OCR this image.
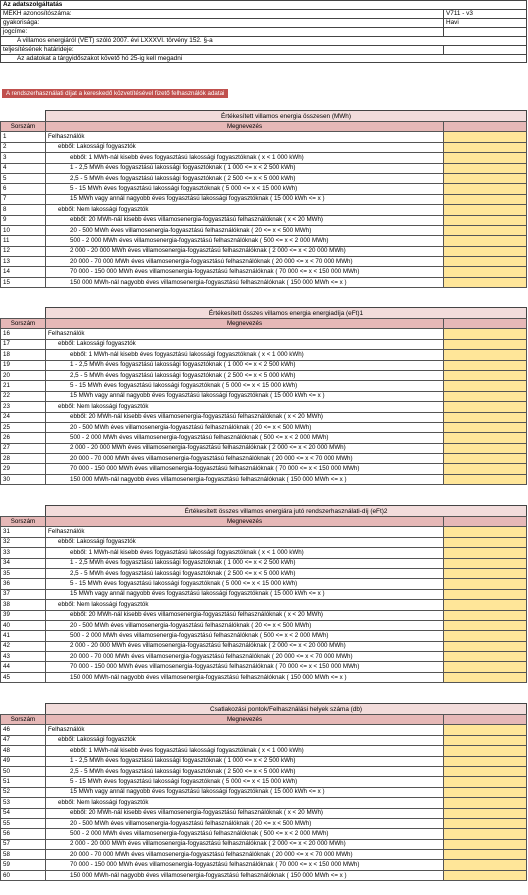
Az adatszolgáltatás
MEKH azonosítószáma:	V711 - v3
gyakorisága:	Havi
jogcíme:
A villamos energiáról (VET) szóló 2007. évi LXXXVI. törvény 152. §-a
teljesítésének határideje:
Az adatokat a tárgyidőszakot követő hó 25-ig kell megadni
A rendszerhasználati díjat a kereskedő közvetítésével fizető felhasználók adatai
Értékesített villamos energia összesen (MWh)
Sorszám	Megnevezés	
1	Felhasználók	
2	ebből: Lakossági fogyasztók	
3	ebből: 1 MWh-nál kisebb éves fogyasztású lakossági fogyasztóknak ( x < 1 000 kWh)	
4	1 - 2,5 MWh éves fogyasztású lakossági fogyasztóknak ( 1 000 <= x < 2 500 kWh)	
5	2,5 - 5 MWh éves fogyasztású lakossági fogyasztóknak ( 2 500 <= x < 5 000 kWh)	
6	5 - 15 MWh éves fogyasztású lakossági fogyasztóknak ( 5 000 <= x < 15 000 kWh)	
7	15 MWh vagy annál nagyobb éves fogyasztású lakossági fogyasztóknak ( 15 000 kWh <= x )	
8	ebből: Nem lakossági fogyasztók	
9	ebből: 20 MWh-nál kisebb éves villamosenergia-fogyasztású felhasználóknak ( x < 20 MWh)	
10	20 - 500 MWh éves villamosenergia-fogyasztású felhasználóknak ( 20 <= x < 500 MWh)	
11	500 - 2 000 MWh éves villamosenergia-fogyasztású felhasználóknak ( 500 <= x < 2 000 MWh)	
12	2 000 - 20 000 MWh éves villamosenergia-fogyasztású felhasználóknak ( 2 000 <= x < 20 000 MWh)	
13	20 000 - 70 000 MWh éves villamosenergia-fogyasztású felhasználóknak ( 20 000 <= x < 70 000 MWh)	
14	70 000 - 150 000 MWh éves villamosenergia-fogyasztású felhasználóknak ( 70 000 <= x < 150 000 MWh)	
15	150 000 MWh-nál nagyobb éves villamosenergia-fogyasztású felhasználóknak ( 150 000 MWh <= x )	
Értékesített összes villamos energia energiadíja (eFt)1
Sorszám	Megnevezés	
16	Felhasználók	
17	ebből: Lakossági fogyasztók	
18	ebből: 1 MWh-nál kisebb éves fogyasztású lakossági fogyasztóknak ( x < 1 000 kWh)	
19	1 - 2,5 MWh éves fogyasztású lakossági fogyasztóknak ( 1 000 <= x < 2 500 kWh)	
20	2,5 - 5 MWh éves fogyasztású lakossági fogyasztóknak ( 2 500 <= x < 5 000 kWh)	
21	5 - 15 MWh éves fogyasztású lakossági fogyasztóknak ( 5 000 <= x < 15 000 kWh)	
22	15 MWh vagy annál nagyobb éves fogyasztású lakossági fogyasztóknak ( 15 000 kWh <= x )	
23	ebből: Nem lakossági fogyasztók	
24	ebből: 20 MWh-nál kisebb éves villamosenergia-fogyasztású felhasználóknak ( x < 20 MWh)	
25	20 - 500 MWh éves villamosenergia-fogyasztású felhasználóknak ( 20 <= x < 500 MWh)	
26	500 - 2 000 MWh éves villamosenergia-fogyasztású felhasználóknak ( 500 <= x < 2 000 MWh)	
27	2 000 - 20 000 MWh éves villamosenergia-fogyasztású felhasználóknak ( 2 000 <= x < 20 000 MWh)	
28	20 000 - 70 000 MWh éves villamosenergia-fogyasztású felhasználóknak ( 20 000 <= x < 70 000 MWh)	
29	70 000 - 150 000 MWh éves villamosenergia-fogyasztású felhasználóknak ( 70 000 <= x < 150 000 MWh)	
30	150 000 MWh-nál nagyobb éves villamosenergia-fogyasztású felhasználóknak ( 150 000 MWh <= x )	
Értékesített összes villamos energiára jutó rendszerhasználati-díj (eFt)2
Sorszám	Megnevezés	
31	Felhasználók	
32	ebből: Lakossági fogyasztók	
33	ebből: 1 MWh-nál kisebb éves fogyasztású lakossági fogyasztóknak ( x < 1 000 kWh)	
34	1 - 2,5 MWh éves fogyasztású lakossági fogyasztóknak ( 1 000 <= x < 2 500 kWh)	
35	2,5 - 5 MWh éves fogyasztású lakossági fogyasztóknak ( 2 500 <= x < 5 000 kWh)	
36	5 - 15 MWh éves fogyasztású lakossági fogyasztóknak ( 5 000 <= x < 15 000 kWh)	
37	15 MWh vagy annál nagyobb éves fogyasztású lakossági fogyasztóknak ( 15 000 kWh <= x )	
38	ebből: Nem lakossági fogyasztók	
39	ebből: 20 MWh-nál kisebb éves villamosenergia-fogyasztású felhasználóknak ( x < 20 MWh)	
40	20 - 500 MWh éves villamosenergia-fogyasztású felhasználóknak ( 20 <= x < 500 MWh)	
41	500 - 2 000 MWh éves villamosenergia-fogyasztású felhasználóknak ( 500 <= x < 2 000 MWh)	
42	2 000 - 20 000 MWh éves villamosenergia-fogyasztású felhasználóknak ( 2 000 <= x < 20 000 MWh)	
43	20 000 - 70 000 MWh éves villamosenergia-fogyasztású felhasználóknak ( 20 000 <= x < 70 000 MWh)	
44	70 000 - 150 000 MWh éves villamosenergia-fogyasztású felhasználóknak ( 70 000 <= x < 150 000 MWh)	
45	150 000 MWh-nál nagyobb éves villamosenergia-fogyasztású felhasználóknak ( 150 000 MWh <= x )	
Csatlakozási pontok/Felhasználási helyek száma (db)
Sorszám	Megnevezés	
46	Felhasználók	
47	ebből: Lakossági fogyasztók	
48	ebből: 1 MWh-nál kisebb éves fogyasztású lakossági fogyasztóknak ( x < 1 000 kWh)	
49	1 - 2,5 MWh éves fogyasztású lakossági fogyasztóknak ( 1 000 <= x < 2 500 kWh)	
50	2,5 - 5 MWh éves fogyasztású lakossági fogyasztóknak ( 2 500 <= x < 5 000 kWh)	
51	5 - 15 MWh éves fogyasztású lakossági fogyasztóknak ( 5 000 <= x < 15 000 kWh)	
52	15 MWh vagy annál nagyobb éves fogyasztású lakossági fogyasztóknak ( 15 000 kWh <= x )	
53	ebből: Nem lakossági fogyasztók	
54	ebből: 20 MWh-nál kisebb éves villamosenergia-fogyasztású felhasználóknak ( x < 20 MWh)	
55	20 - 500 MWh éves villamosenergia-fogyasztású felhasználóknak ( 20 <= x < 500 MWh)	
56	500 - 2 000 MWh éves villamosenergia-fogyasztású felhasználóknak ( 500 <= x < 2 000 MWh)	
57	2 000 - 20 000 MWh éves villamosenergia-fogyasztású felhasználóknak ( 2 000 <= x < 20 000 MWh)	
58	20 000 - 70 000 MWh éves villamosenergia-fogyasztású felhasználóknak ( 20 000 <= x < 70 000 MWh)	
59	70 000 - 150 000 MWh éves villamosenergia-fogyasztású felhasználóknak ( 70 000 <= x < 150 000 MWh)	
60	150 000 MWh-nál nagyobb éves villamosenergia-fogyasztású felhasználóknak ( 150 000 MWh <= x )	
